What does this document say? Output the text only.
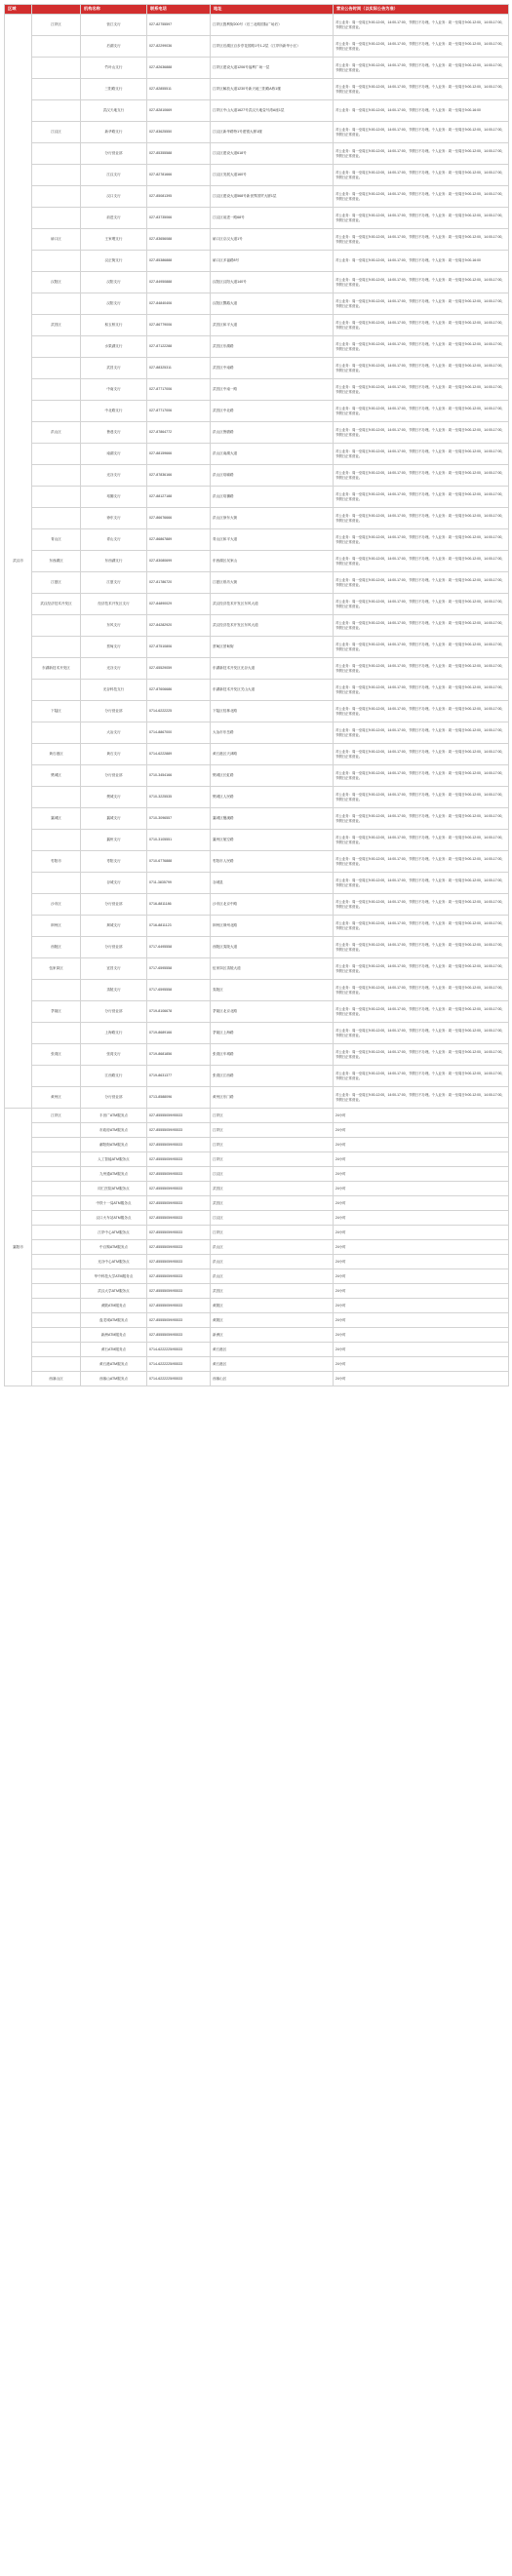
区域		机构名称	联系电话	地址	营业公告时间（以实际公告为准）
武汉市	江岸区	营江支行	027-82755597	江岸区胜利街200号（后三北路国际广场后）	对公业务：周一至周五9:00-12:00，14:00-17:00，节假日不办理。个人业务：周一至周日9:00-12:00，14:00-17:00，节假日正常营业。
		后湖支行	027-82299036	江岸区后湖区百步亭花园路1号1-2层（江岸所新华小区）	对公业务：周一至周五9:00-12:00，14:00-17:00，节假日不办理。个人业务：周一至周日9:00-12:00，14:00-17:00，节假日正常营业。
		竹叶山支行	027-82636888	江岸区建设大道1206号福利广场一层	对公业务：周一至周五9:00-12:00，14:00-17:00，节假日不办理。个人业务：周一至周日9:00-12:00，14:00-17:00，节假日正常营业。
		三阳路支行	027-82855511	江岸区解放大道1230号新天地三阳路A栋1楼	对公业务：周一至周五9:00-12:00，14:00-17:00，节假日不办理。个人业务：周一至周日9:00-12:00，14:00-17:00，节假日正常营业。
		武汉天地支行	027-82810669	江岸区中山大道1627号武汉天地壹号湾A座1层	对公业务：周一至周五9:00-12:00，14:00-17:00，节假日不办理。个人业务：周一至周日9:00-16:00
	江汉区	新华路支行	027-83625550	江汉区新华路特1号建银大厦1楼	对公业务：周一至周五9:00-12:00，14:00-17:00，节假日不办理。个人业务：周一至周日9:00-12:00，14:00-17:00，节假日正常营业。
		分行营业部	027-85355588	江汉区建设大道618号	对公业务：周一至周五9:00-12:00，14:00-17:00，节假日不办理。个人业务：周一至周日9:00-12:00，14:00-17:00，节假日正常营业。
		江汉支行	027-82781666	江汉区发展大道160号	对公业务：周一至周五9:00-12:00，14:00-17:00，节假日不办理。个人业务：周一至周日9:00-12:00，14:00-17:00，节假日正常营业。
		汉口支行	027-85081395	江汉区建设大道568号新世界国贸大厦1层	对公业务：周一至周五9:00-12:00，14:00-17:00，节假日不办理。个人业务：周一至周日9:00-12:00，14:00-17:00，节假日正常营业。
		前进支行	027-83735066	江汉区前进一路68号	对公业务：周一至周五9:00-12:00，14:00-17:00，节假日不办理。个人业务：周一至周日9:00-12:00，14:00-17:00，节假日正常营业。
	硚口区	王家墩支行	027-83656088	硚口区京汉大道1号	对公业务：周一至周五9:00-12:00，14:00-17:00，节假日不办理。个人业务：周一至周日9:00-12:00，14:00-17:00，节假日正常营业。
		汉正街支行	027-85386888	硚口区多福路8号	对公业务：周一至周五9:00-12:00，14:00-17:00，节假日不办理。个人业务：周一至周日9:00-16:00
	汉阳区	汉阳支行	027-84950888	汉阳区汉阳大道140号	对公业务：周一至周五9:00-12:00，14:00-17:00，节假日不办理。个人业务：周一至周日9:00-12:00，14:00-17:00，节假日正常营业。
		汉阳支行	027-84840406	汉阳区鹦鹉大道	对公业务：周一至周五9:00-12:00，14:00-17:00，节假日不办理。个人业务：周一至周日9:00-12:00，14:00-17:00，节假日正常营业。
	武昌区	积玉桥支行	027-86779006	武昌区和平大道	对公业务：周一至周五9:00-12:00，14:00-17:00，节假日不办理。个人业务：周一至周日9:00-12:00，14:00-17:00，节假日正常营业。
		水果湖支行	027-87122288	武昌区东湖路	对公业务：周一至周五9:00-12:00，14:00-17:00，节假日不办理。个人业务：周一至周日9:00-12:00，14:00-17:00，节假日正常营业。
		武昌支行	027-88325311	武昌区中南路	对公业务：周一至周五9:00-12:00，14:00-17:00，节假日不办理。个人业务：周一至周日9:00-12:00，14:00-17:00，节假日正常营业。
		中南支行	027-87717006	武昌区中南一路	对公业务：周一至周五9:00-12:00，14:00-17:00，节假日不办理。个人业务：周一至周日9:00-12:00，14:00-17:00，节假日正常营业。
		中北路支行	027-87717006	武昌区中北路	对公业务：周一至周五9:00-12:00，14:00-17:00，节假日不办理。个人业务：周一至周日9:00-12:00，14:00-17:00，节假日正常营业。
	洪山区	鲁巷支行	027-87864772	洪山区鲁磨路	对公业务：周一至周五9:00-12:00，14:00-17:00，节假日不办理。个人业务：周一至周日9:00-12:00，14:00-17:00，节假日正常营业。
		南湖支行	027-88159666	洪山区南湖大道	对公业务：周一至周五9:00-12:00，14:00-17:00，节假日不办理。个人业务：周一至周日9:00-12:00，14:00-17:00，节假日正常营业。
		光谷支行	027-87836166	洪山区珞喻路	对公业务：周一至周五9:00-12:00，14:00-17:00，节假日不办理。个人业务：周一至周日9:00-12:00，14:00-17:00，节假日正常营业。
		珞狮支行	027-88127188	洪山区珞狮路	对公业务：周一至周五9:00-12:00，14:00-17:00，节假日不办理。个人业务：周一至周日9:00-12:00，14:00-17:00，节假日正常营业。
		徐东支行	027-86676666	洪山区徐东大街	对公业务：周一至周五9:00-12:00，14:00-17:00，节假日不办理。个人业务：周一至周日9:00-12:00，14:00-17:00，节假日正常营业。
	青山区	青山支行	027-86867889	青山区和平大道	对公业务：周一至周五9:00-12:00，14:00-17:00，节假日不办理。个人业务：周一至周日9:00-12:00，14:00-17:00，节假日正常营业。
	东西湖区	东西湖支行	027-83080699	东西湖区吴家山	对公业务：周一至周五9:00-12:00，14:00-17:00，节假日不办理。个人业务：周一至周日9:00-12:00，14:00-17:00，节假日正常营业。
	江夏区	江夏支行	027-81786720	江夏区纸坊大街	对公业务：周一至周五9:00-12:00，14:00-17:00，节假日不办理。个人业务：周一至周日9:00-12:00，14:00-17:00，节假日正常营业。
	武汉经济技术开发区	经济技术开发区支行	027-84890029	武汉经济技术开发区东风大道	对公业务：周一至周五9:00-12:00，14:00-17:00，节假日不办理。个人业务：周一至周日9:00-12:00，14:00-17:00，节假日正常营业。
		东风支行	027-84282920	武汉经济技术开发区东风大道	对公业务：周一至周五9:00-12:00，14:00-17:00，节假日不办理。个人业务：周一至周日9:00-12:00，14:00-17:00，节假日正常营业。
		蔡甸支行	027-87510806	蔡甸区蔡甸街	对公业务：周一至周五9:00-12:00，14:00-17:00，节假日不办理。个人业务：周一至周日9:00-12:00，14:00-17:00，节假日正常营业。
	东湖新技术开发区	光谷支行	027-65529059	东湖新技术开发区光谷大道	对公业务：周一至周五9:00-12:00，14:00-17:00，节假日不办理。个人业务：周一至周日9:00-12:00，14:00-17:00，节假日正常营业。
		光谷科技支行	027-87606686	东湖新技术开发区关山大道	对公业务：周一至周五9:00-12:00，14:00-17:00，节假日不办理。个人业务：周一至周日9:00-12:00，14:00-17:00，节假日正常营业。
	下陆区	分行营业部	0714-6222225	下陆区桂林北路	对公业务：周一至周五9:00-12:00，14:00-17:00，节假日不办理。个人业务：周一至周日9:00-12:00，14:00-17:00，节假日正常营业。
		大冶支行	0714-8867000	大冶市东岳路	对公业务：周一至周五9:00-12:00，14:00-17:00，节假日不办理。个人业务：周一至周日9:00-12:00，14:00-17:00，节假日正常营业。
	黄石港区	黄石支行	0714-6222889	黄石港区天津路	对公业务：周一至周五9:00-12:00，14:00-17:00，节假日不办理。个人业务：周一至周日9:00-12:00，14:00-17:00，节假日正常营业。
	樊城区	分行营业部	0710-3454166	樊城区长虹路	对公业务：周一至周五9:00-12:00，14:00-17:00，节假日不办理。个人业务：周一至周日9:00-12:00，14:00-17:00，节假日正常营业。
		樊城支行	0710-3225535	樊城区人民路	对公业务：周一至周五9:00-12:00，14:00-17:00，节假日不办理。个人业务：周一至周日9:00-12:00，14:00-17:00，节假日正常营业。
	襄城区	襄城支行	0710-3096557	襄城区檀溪路	对公业务：周一至周五9:00-12:00，14:00-17:00，节假日不办理。个人业务：周一至周日9:00-12:00，14:00-17:00，节假日正常营业。
		襄州支行	0710-3105551	襄州区航空路	对公业务：周一至周五9:00-12:00，14:00-17:00，节假日不办理。个人业务：周一至周日9:00-12:00，14:00-17:00，节假日正常营业。
	枣阳市	枣阳支行	0710-6776888	枣阳市人民路	对公业务：周一至周五9:00-12:00，14:00-17:00，节假日不办理。个人业务：周一至周日9:00-12:00，14:00-17:00，节假日正常营业。
		谷城支行	0711-3835799	谷城县	对公业务：周一至周五9:00-12:00，14:00-17:00，节假日不办理。个人业务：周一至周日9:00-12:00，14:00-17:00，节假日正常营业。
	沙市区	分行营业部	0716-8811186	沙市区北京中路	对公业务：周一至周五9:00-12:00，14:00-17:00，节假日不办理。个人业务：周一至周日9:00-12:00，14:00-17:00，节假日正常营业。
	荆州区	荆城支行	0716-8811123	荆州区荆州北路	对公业务：周一至周五9:00-12:00，14:00-17:00，节假日不办理。个人业务：周一至周日9:00-12:00，14:00-17:00，节假日正常营业。
	西陵区	分行营业部	0717-6495558	西陵区夷陵大道	对公业务：周一至周五9:00-12:00，14:00-17:00，节假日不办理。个人业务：周一至周日9:00-12:00，14:00-17:00，节假日正常营业。
	伍家岗区	宜昌支行	0717-6595558	伍家岗区夷陵大道	对公业务：周一至周五9:00-12:00，14:00-17:00，节假日不办理。个人业务：周一至周日9:00-12:00，14:00-17:00，节假日正常营业。
		夷陵支行	0717-6595558	夷陵区	对公业务：周一至周五9:00-12:00，14:00-17:00，节假日不办理。个人业务：周一至周日9:00-12:00，14:00-17:00，节假日正常营业。
	茅箭区	分行营业部	0719-8106678	茅箭区北京北路	对公业务：周一至周五9:00-12:00，14:00-17:00，节假日不办理。个人业务：周一至周日9:00-12:00，14:00-17:00，节假日正常营业。
		上海路支行	0719-8689166	茅箭区上海路	对公业务：周一至周五9:00-12:00，14:00-17:00，节假日不办理。个人业务：周一至周日9:00-12:00，14:00-17:00，节假日正常营业。
	张湾区	张湾支行	0719-8681856	张湾区车城路	对公业务：周一至周五9:00-12:00，14:00-17:00，节假日不办理。个人业务：周一至周日9:00-12:00，14:00-17:00，节假日正常营业。
		江西路支行	0719-8631377	张湾区江西路	对公业务：周一至周五9:00-12:00，14:00-17:00，节假日不办理。个人业务：周一至周日9:00-12:00，14:00-17:00，节假日正常营业。
	黄州区	分行营业部	0713-8588096	黄州区东门路	对公业务：周一至周五9:00-12:00，14:00-17:00，节假日不办理。个人业务：周一至周日9:00-12:00，14:00-17:00，节假日正常营业。
襄阳市	江岸区	丰田广ATM服务点	027-85555059/95533	江岸区	24小时
		市政府ATM服务点	027-85555059/95533	江岸区	24小时
		鄱阳街ATM服务点	027-85555059/95533	江岸区	24小时
		人工智能ATM服务点	027-85555059/95533	江岸区	24小时
		九州通ATM服务点	027-85555059/95533	江汉区	24小时
		同仁医院ATM服务点	027-85555059/95533	武昌区	24小时
		中铁十一局ATM服务点	027-85555059/95533	武昌区	24小时
		汉口火车站ATM服务点	027-85555059/95533	江汉区	24小时
		江岸中心ATM服务点	027-85555059/95533	江岸区	24小时
		中百购ATM服务点	027-85555059/95533	洪山区	24小时
		光谷中心ATM服务点	027-85555059/95533	洪山区	24小时
		华中科技大学ATM服务点	027-85555059/95533	洪山区	24小时
		武汉大学ATM服务点	027-85555059/95533	武昌区	24小时
		黄陂ATM服务点	027-85555059/95533	黄陂区	24小时
		盘龙城ATM服务点	027-85555059/95533	黄陂区	24小时
		新洲ATM服务点	027-85555059/95533	新洲区	24小时
		黄石ATM服务点	0714-6222225/95533	黄石港区	24小时
		黄石港ATM服务点	0714-6222225/95533	黄石港区	24小时
	西塞山区	西塞山ATM服务点	0714-6222225/95533	西塞山区	24小时
